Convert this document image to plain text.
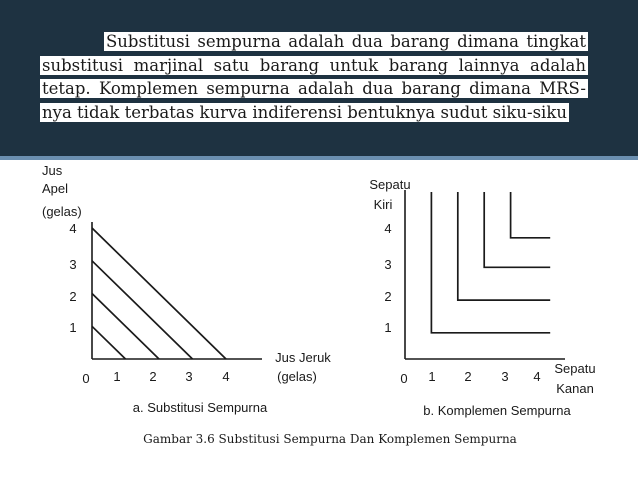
Substitusi sempurna adalah dua barang dimana tingkat substitusi marjinal satu barang untuk barang lainnya adalah tetap. Komplemen sempurna adalah dua barang dimana MRS-nya tidak terbatas kurva indiferensi bentuknya sudut siku-siku
0 1 2 3 4
1
2
3
4
Jus
Apel
(gelas)
Jus Jeruk
(gelas)
a. Substitusi Sempurna
0 1 2 3 4
1
2
3
4
Sepatu
Kiri
Sepatu
Kanan
b. Komplemen Sempurna
Gambar 3.6 Substitusi Sempurna Dan Komplemen Sempurna
